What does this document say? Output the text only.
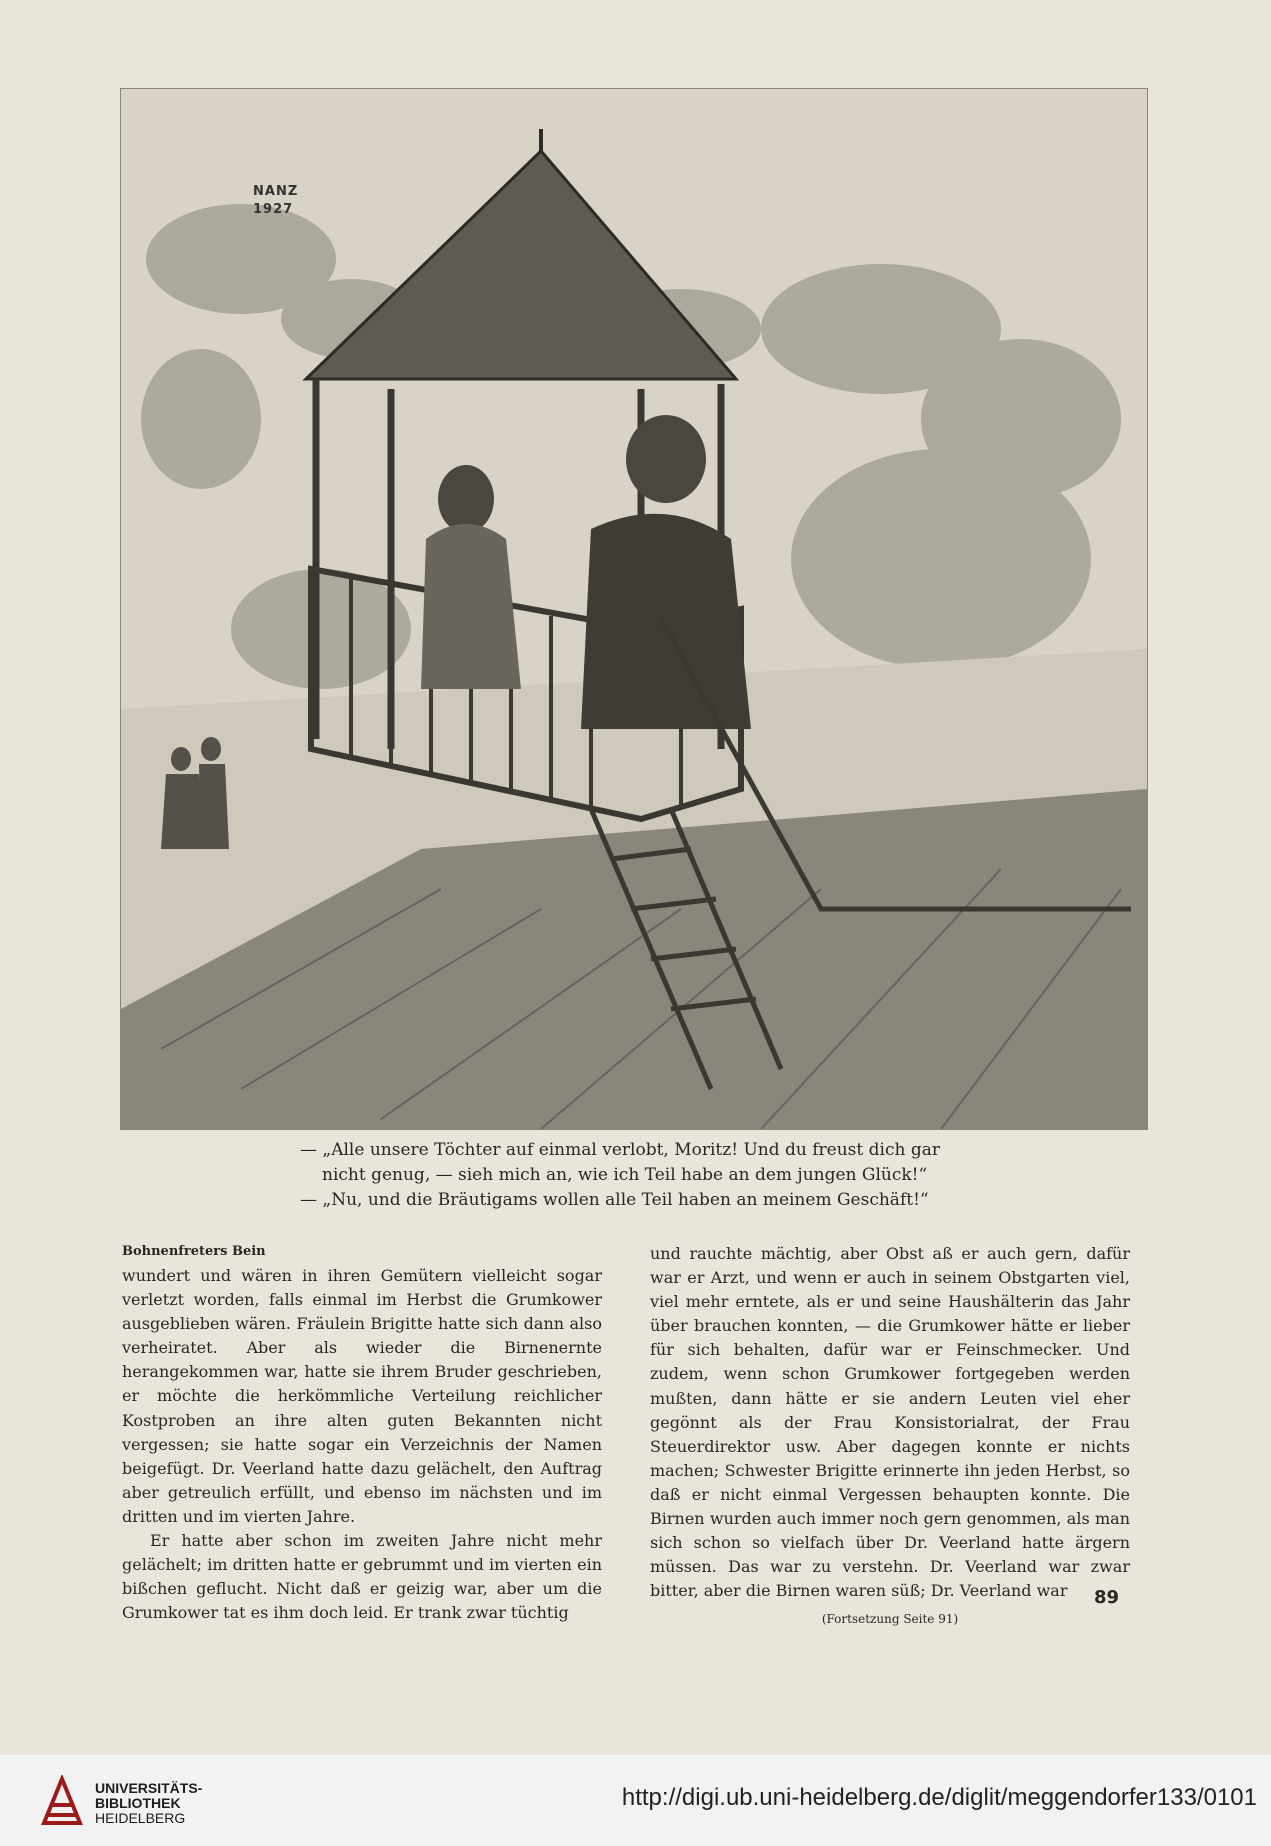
NANZ
1927

— „Alle unsere Töchter auf einmal verlobt, Moritz! Und du freust dich gar

nicht genug, — sieh mich an, wie ich Teil habe an dem jungen Glück!“

— „Nu, und die Bräutigams wollen alle Teil haben an meinem Geschäft!“

Bohnenfreters Bein

wundert und wären in ihren Gemütern vielleicht sogar verletzt worden, falls einmal im Herbst die Grumkower ausgeblieben wären. Fräulein Brigitte hatte sich dann also verheiratet. Aber als wieder die Birnenernte herangekommen war, hatte sie ihrem Bruder geschrieben, er möchte die herkömmliche Verteilung reichlicher Kostproben an ihre alten guten Bekannten nicht vergessen; sie hatte sogar ein Verzeichnis der Namen beigefügt. Dr. Veerland hatte dazu gelächelt, den Auftrag aber getreulich erfüllt, und ebenso im nächsten und im dritten und im vierten Jahre.

Er hatte aber schon im zweiten Jahre nicht mehr gelächelt; im dritten hatte er gebrummt und im vierten ein bißchen geflucht. Nicht daß er geizig war, aber um die Grumkower tat es ihm doch leid. Er trank zwar tüchtig

und rauchte mächtig, aber Obst aß er auch gern, dafür war er Arzt, und wenn er auch in seinem Obstgarten viel, viel mehr erntete, als er und seine Haushälterin das Jahr über brauchen konnten, — die Grumkower hätte er lieber für sich behalten, dafür war er Feinschmecker. Und zudem, wenn schon Grumkower fortgegeben werden mußten, dann hätte er sie andern Leuten viel eher gegönnt als der Frau Konsistorialrat, der Frau Steuerdirektor usw. Aber dagegen konnte er nichts machen; Schwester Brigitte erinnerte ihn jeden Herbst, so daß er nicht einmal Vergessen behaupten konnte. Die Birnen wurden auch immer noch gern genommen, als man sich schon so vielfach über Dr. Veerland hatte ärgern müssen. Das war zu verstehn. Dr. Veerland war zwar bitter, aber die Birnen waren süß; Dr. Veerland war

(Fortsetzung Seite 91)
89
UNIVERSITÄTS-
BIBLIOTHEK
HEIDELBERG
http://digi.ub.uni-heidelberg.de/diglit/meggendorfer133/0101
